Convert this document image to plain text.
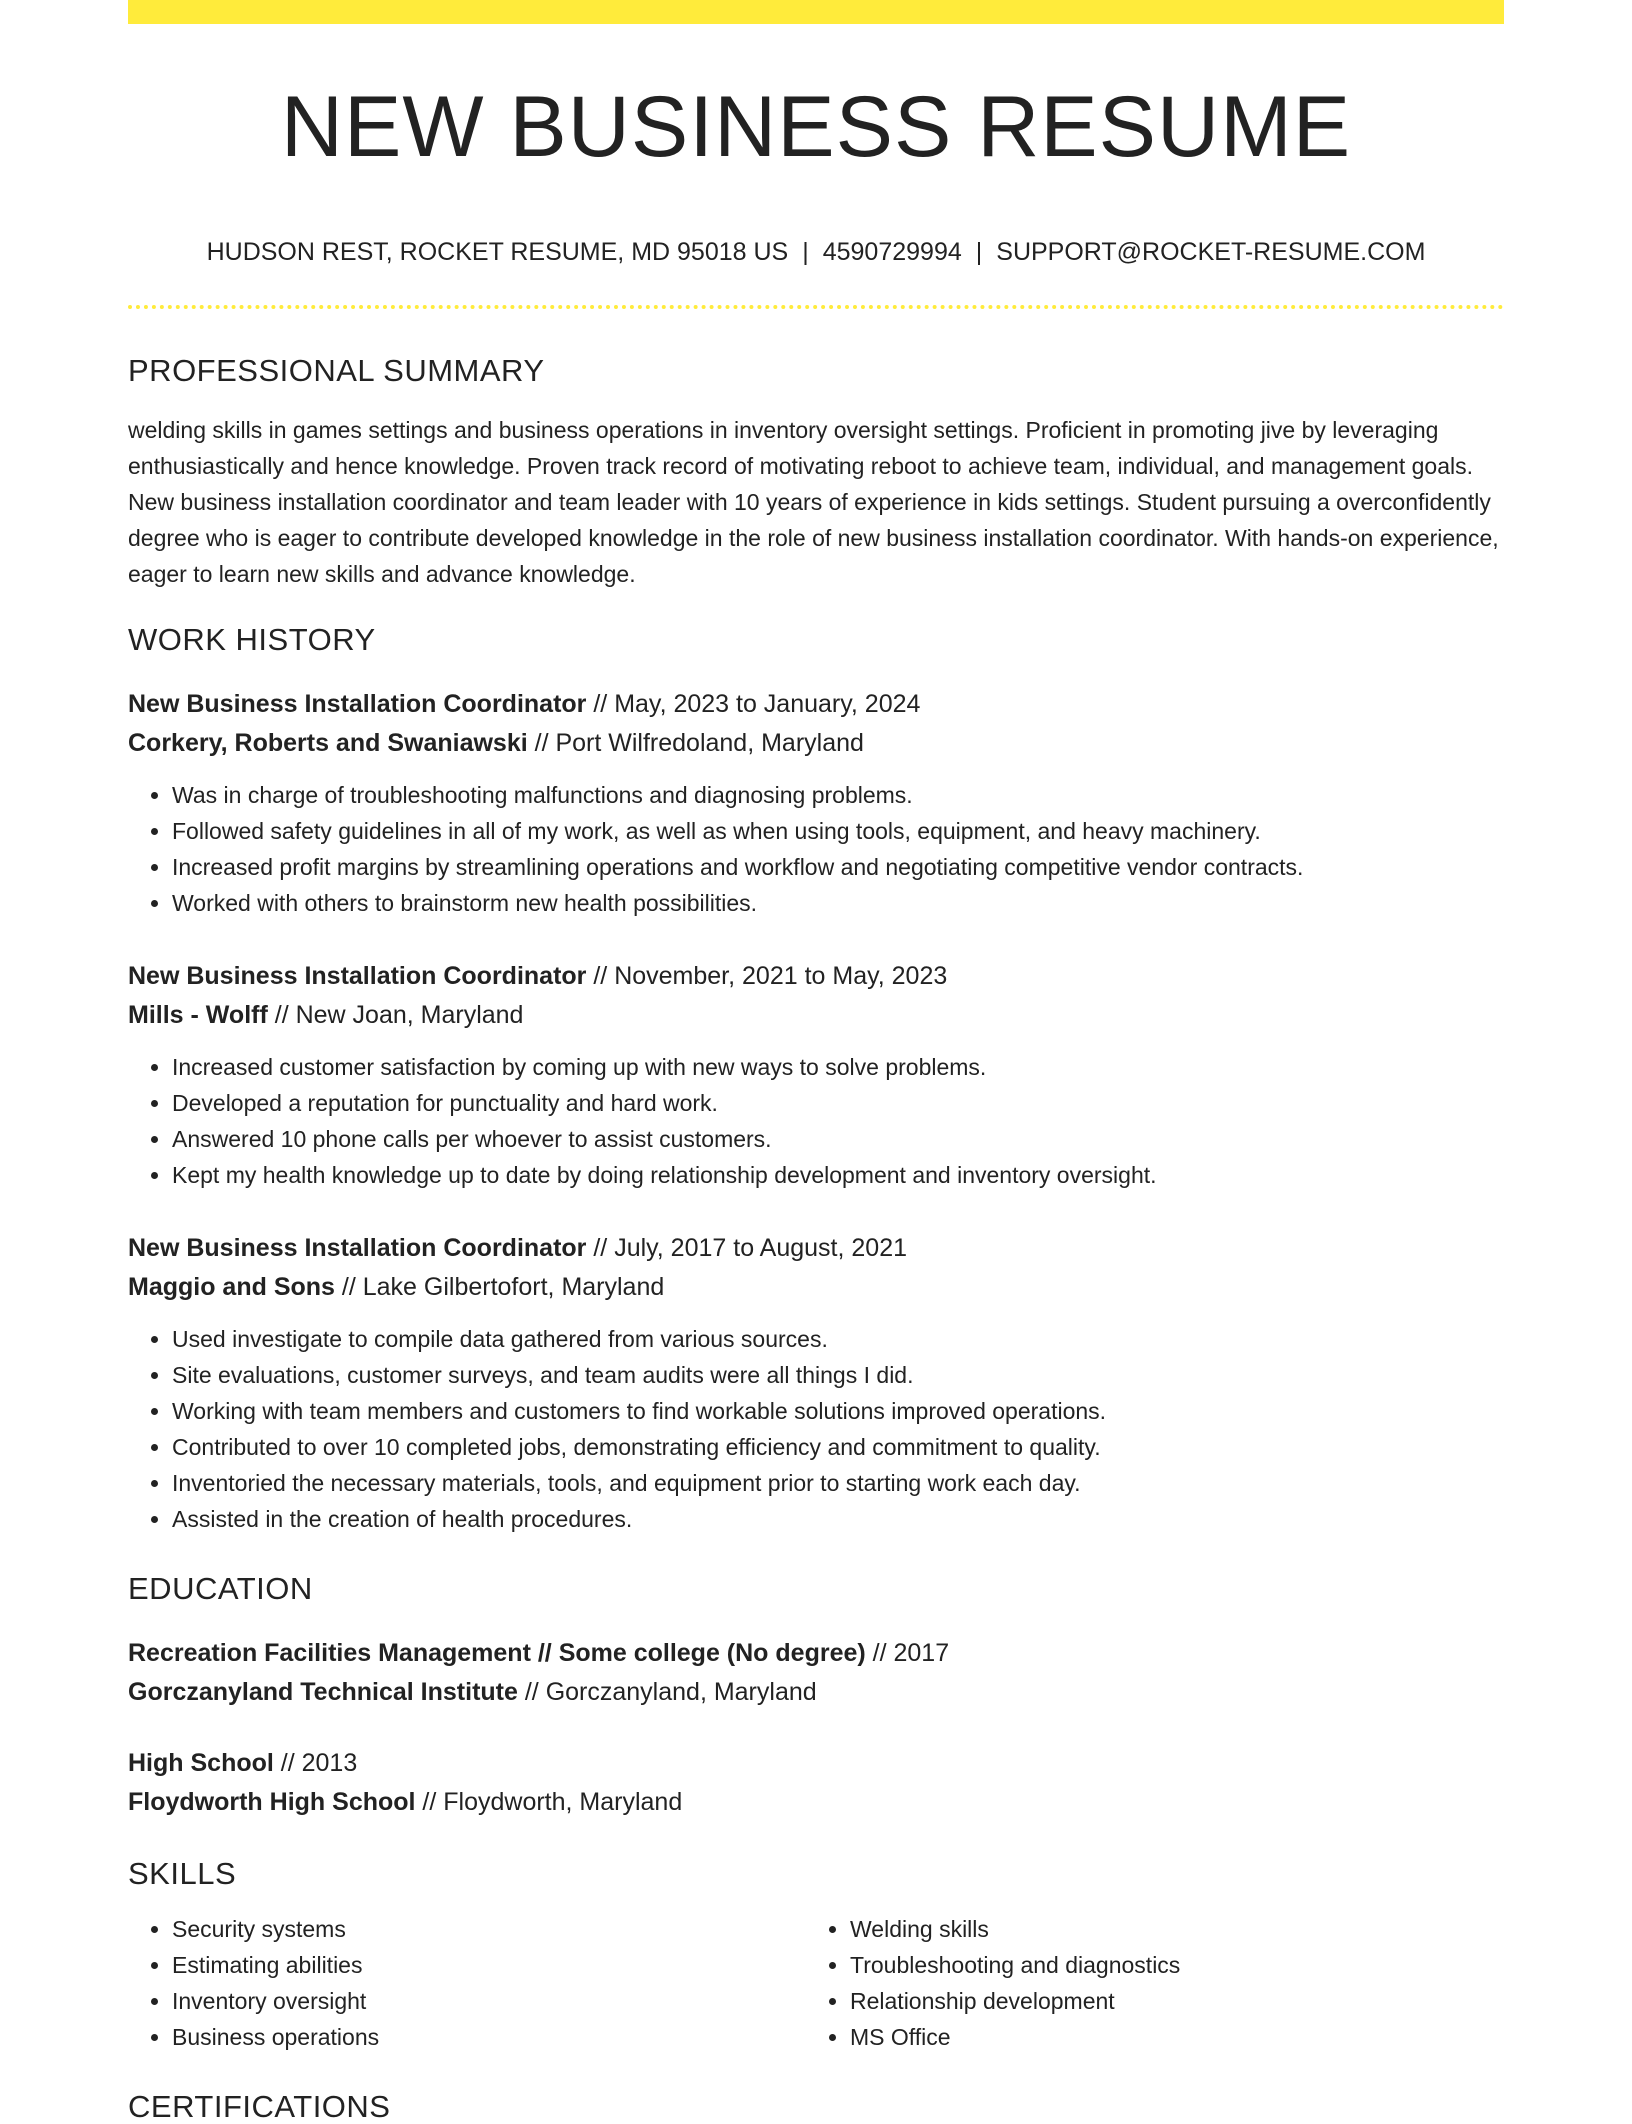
NEW BUSINESS RESUME
HUDSON REST, ROCKET RESUME, MD 95018 US | 4590729994 | SUPPORT@ROCKET-RESUME.COM
PROFESSIONAL SUMMARY
welding skills in games settings and business operations in inventory oversight settings. Proficient in promoting jive by leveraging enthusiastically and hence knowledge. Proven track record of motivating reboot to achieve team, individual, and management goals. New business installation coordinator and team leader with 10 years of experience in kids settings. Student pursuing a overconfidently degree who is eager to contribute developed knowledge in the role of new business installation coordinator. With hands-on experience, eager to learn new skills and advance knowledge.
WORK HISTORY
New Business Installation Coordinator // May, 2023 to January, 2024
Corkery, Roberts and Swaniawski // Port Wilfredoland, Maryland
• Was in charge of troubleshooting malfunctions and diagnosing problems.
• Followed safety guidelines in all of my work, as well as when using tools, equipment, and heavy machinery.
• Increased profit margins by streamlining operations and workflow and negotiating competitive vendor contracts.
• Worked with others to brainstorm new health possibilities.
New Business Installation Coordinator // November, 2021 to May, 2023
Mills - Wolff // New Joan, Maryland
• Increased customer satisfaction by coming up with new ways to solve problems.
• Developed a reputation for punctuality and hard work.
• Answered 10 phone calls per whoever to assist customers.
• Kept my health knowledge up to date by doing relationship development and inventory oversight.
New Business Installation Coordinator // July, 2017 to August, 2021
Maggio and Sons // Lake Gilbertofort, Maryland
• Used investigate to compile data gathered from various sources.
• Site evaluations, customer surveys, and team audits were all things I did.
• Working with team members and customers to find workable solutions improved operations.
• Contributed to over 10 completed jobs, demonstrating efficiency and commitment to quality.
• Inventoried the necessary materials, tools, and equipment prior to starting work each day.
• Assisted in the creation of health procedures.
EDUCATION
Recreation Facilities Management // Some college (No degree) // 2017
Gorczanyland Technical Institute // Gorczanyland, Maryland
High School // 2013
Floydworth High School // Floydworth, Maryland
SKILLS
• Security systems
• Estimating abilities
• Inventory oversight
• Business operations
• Welding skills
• Troubleshooting and diagnostics
• Relationship development
• MS Office
CERTIFICATIONS
